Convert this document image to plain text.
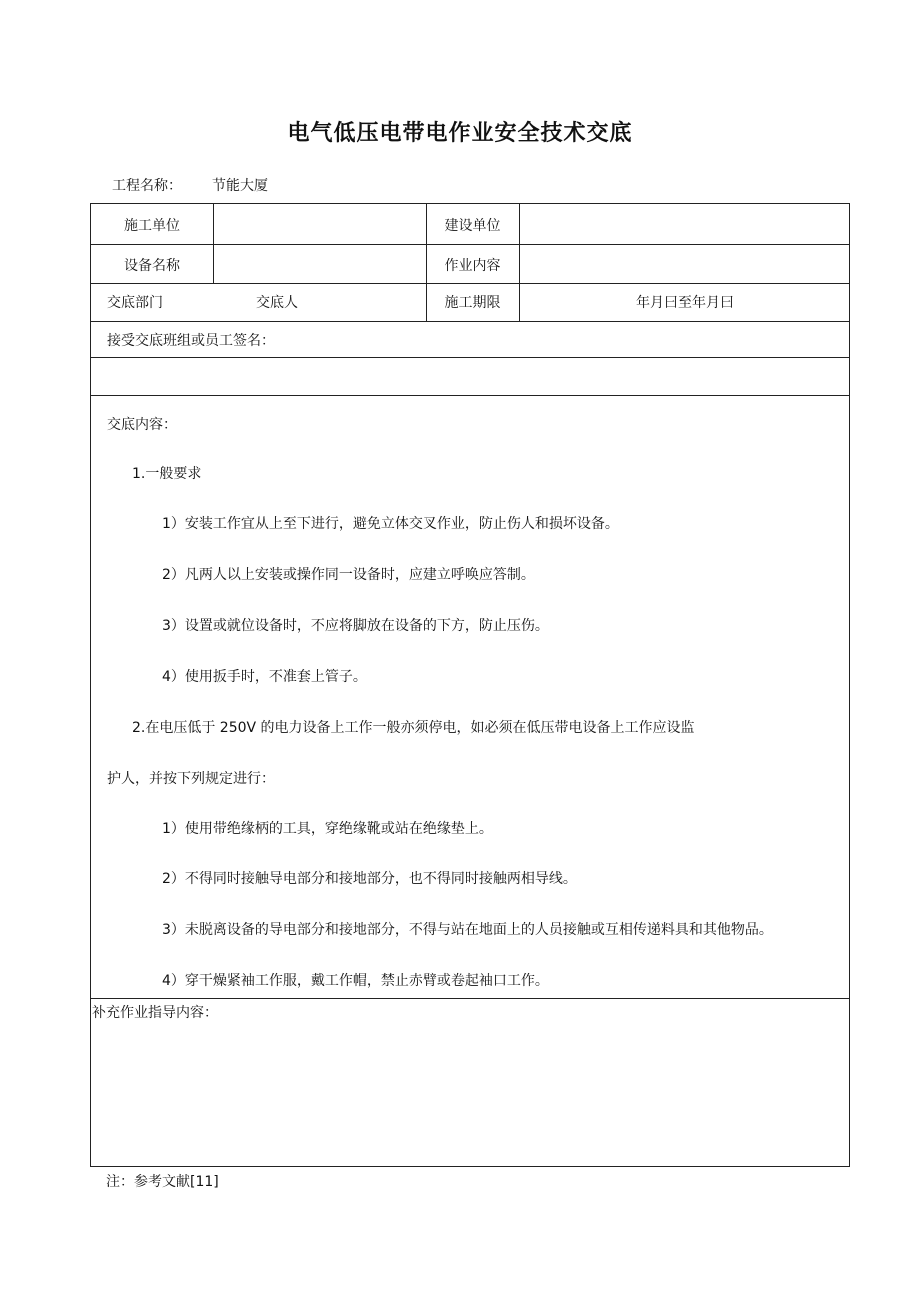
电气低压电带电作业安全技术交底
工程名称： 节能大厦
施工单位	建设单位
设备名称	作业内容
交底部门	交底人	施工期限	年月曰至年月曰
接受交底班组或员工签名：
交底内容：
1.一般要求
1）安装工作宜从上至下进行，避免立体交叉作业，防止伤人和损坏设备。
2）凡两人以上安装或操作同一设备时，应建立呼唤应答制。
3）设置或就位设备时，不应将脚放在设备的下方，防止压伤。
4）使用扳手时，不准套上管子。
2.在电压低于 250V 的电力设备上工作一般亦须停电，如必须在低压带电设备上工作应设监
护人，并按下列规定进行：
1）使用带绝缘柄的工具，穿绝缘靴或站在绝缘垫上。
2）不得同时接触导电部分和接地部分，也不得同时接触两相导线。
3）未脱离设备的导电部分和接地部分，不得与站在地面上的人员接触或互相传递料具和其他物品。
4）穿干燥紧袖工作服，戴工作帽，禁止赤臂或卷起袖口工作。
补充作业指导内容：
注：参考文献[11]
